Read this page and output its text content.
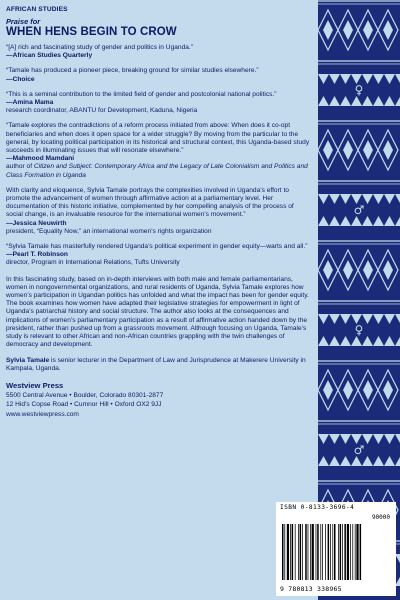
AFRICAN STUDIES
Praise for
WHEN HENS BEGIN TO CROW
“[A] rich and fascinating study of gender and politics in Uganda.”
—African Studies Quarterly
“Tamale has produced a pioneer piece, breaking ground for similar studies elsewhere.”
—Choice
“This is a seminal contribution to the limited field of gender and postcolonial national politics.”
—Amina Mama
research coordinator, ABANTU for Development, Kaduna, Nigeria
“Tamale explores the contradictions of a reform process initiated from above: When does it co-opt beneficiaries and when does it open space for a wider struggle? By moving from the particular to the general, by locating political participation in its historical and structural context, this Uganda-based study succeeds in illuminating issues that will resonate elsewhere.”
—Mahmood Mamdani
author of Citizen and Subject: Contemporary Africa and the Legacy of Late Colonialism and Politics and Class Formation in Uganda
With clarity and eloquence, Sylvia Tamale portrays the complexities involved in Uganda’s effort to promote the advancement of women through affirmative action at a parliamentary level. Her documentation of this historic initiative, complemented by her compelling analysis of the process of social change, is an invaluable resource for the international women’s movement.”
—Jessica Neuwirth
president, “Equality Now,” an international women’s rights organization
“Sylvia Tamale has masterfully rendered Uganda’s political experiment in gender equity—warts and all.”
—Pearl T. Robinson
director, Program in International Relations, Tufts University
In this fascinating study, based on in-depth interviews with both male and female parliamentarians, women in nongovernmental organizations, and rural residents of Uganda, Sylvia Tamale explores how women’s participation in Ugandan politics has unfolded and what the impact has been for gender equity. The book examines how women have adapted their legislative strategies for empowerment in light of Uganda’s patriarchal history and social structure. The author also looks at the consequences and implications of women’s parliamentary participation as a result of affirmative action handed down by the president, rather than pushed up from a grassroots movement. Although focusing on Uganda, Tamale’s study is relevant to other African and non-African countries grappling with the twin challenges of democracy and development.
Sylvia Tamale is senior lecturer in the Department of Law and Jurisprudence at Makerere University in Kampala, Uganda.
Westview Press
5500 Central Avenue • Boulder, Colorado 80301-2877
12 Hid’s Copse Road • Cumnor Hill • Oxford OX2 9JJ
www.westviewpress.com
♀
♂
♀
♂
ISBN 0-8133-3696-4
90000
9 780813 338965
